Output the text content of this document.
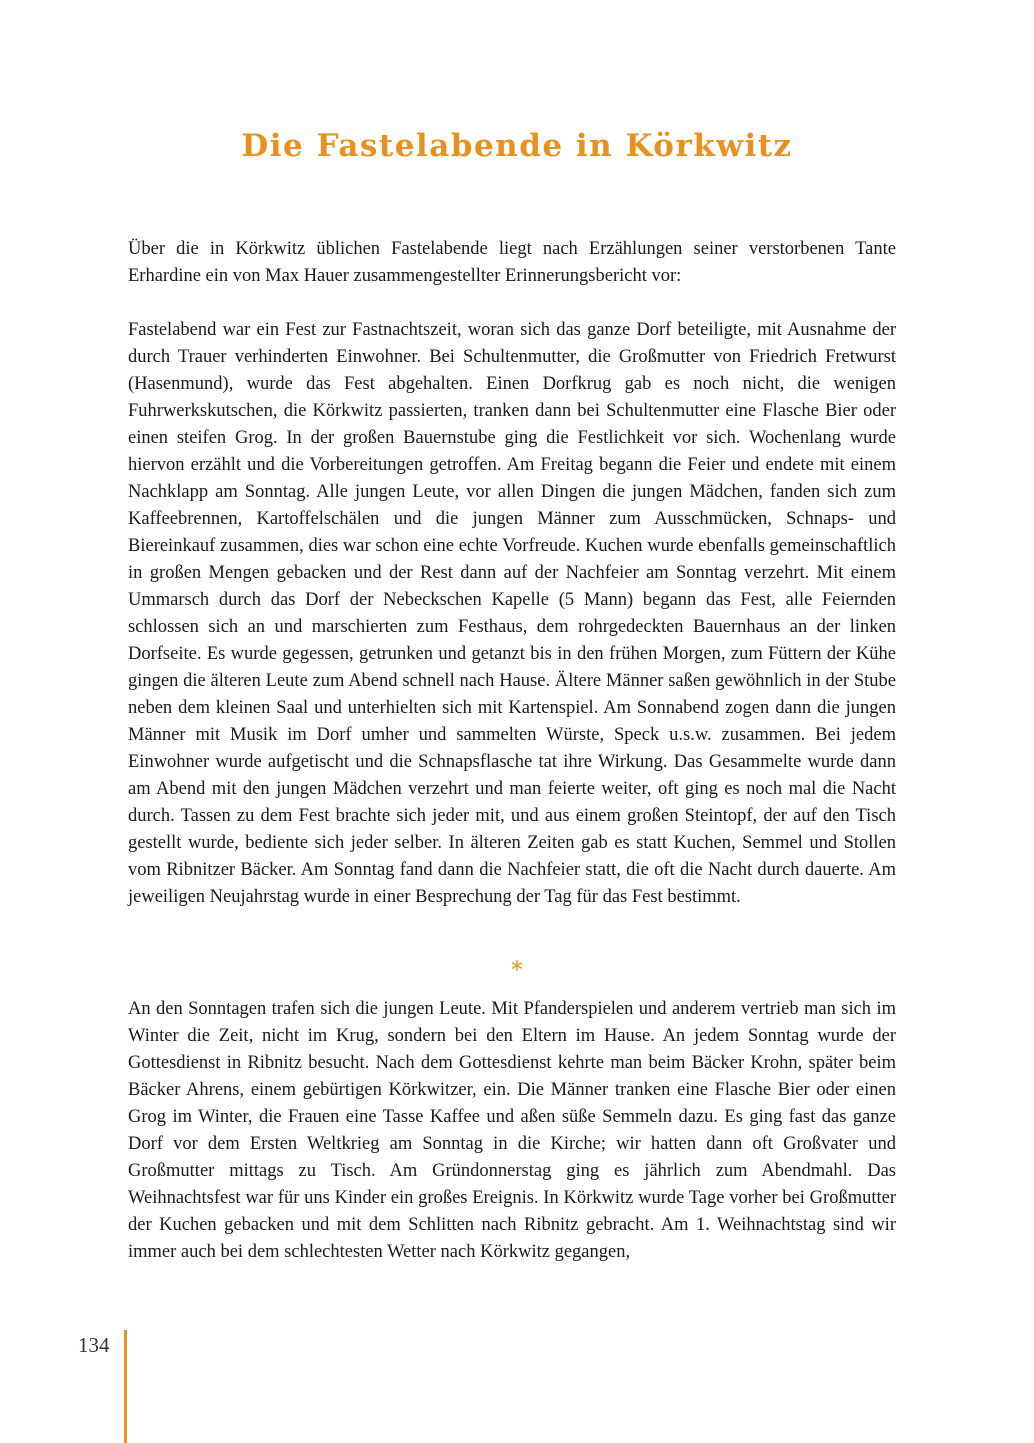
Die Fastelabende in Körkwitz

Über die in Körkwitz üblichen Fastelabende liegt nach Erzählungen seiner verstorbenen Tante Erhardine ein von Max Hauer zusammengestellter Erinnerungsbericht vor:

Fastelabend war ein Fest zur Fastnachtszeit, woran sich das ganze Dorf beteiligte, mit Ausnahme der durch Trauer verhinderten Einwohner. Bei Schultenmutter, die Großmutter von Friedrich Fretwurst (Hasenmund), wurde das Fest abgehalten. Einen Dorfkrug gab es noch nicht, die wenigen Fuhrwerkskutschen, die Körkwitz passierten, tranken dann bei Schultenmutter eine Flasche Bier oder einen steifen Grog. In der großen Bauernstube ging die Festlichkeit vor sich. Wochenlang wurde hiervon erzählt und die Vorbereitungen getroffen. Am Freitag begann die Feier und endete mit einem Nachklapp am Sonntag. Alle jungen Leute, vor allen Dingen die jungen Mädchen, fanden sich zum Kaffeebrennen, Kartoffelschälen und die jungen Männer zum Ausschmücken, Schnaps- und Biereinkauf zusammen, dies war schon eine echte Vorfreude. Kuchen wurde ebenfalls gemeinschaftlich in großen Mengen gebacken und der Rest dann auf der Nachfeier am Sonntag verzehrt. Mit einem Ummarsch durch das Dorf der Nebeckschen Kapelle (5 Mann) begann das Fest, alle Feiernden schlossen sich an und marschierten zum Festhaus, dem rohrgedeckten Bauernhaus an der linken Dorfseite. Es wurde gegessen, getrunken und getanzt bis in den frühen Morgen, zum Füttern der Kühe gingen die älteren Leute zum Abend schnell nach Hause. Ältere Männer saßen gewöhnlich in der Stube neben dem kleinen Saal und unterhielten sich mit Kartenspiel. Am Sonnabend zogen dann die jungen Männer mit Musik im Dorf umher und sammelten Würste, Speck u.s.w. zusammen. Bei jedem Einwohner wurde aufgetischt und die Schnapsflasche tat ihre Wirkung. Das Gesammelte wurde dann am Abend mit den jungen Mädchen verzehrt und man feierte weiter, oft ging es noch mal die Nacht durch. Tassen zu dem Fest brachte sich jeder mit, und aus einem großen Steintopf, der auf den Tisch gestellt wurde, bediente sich jeder selber. In älteren Zeiten gab es statt Kuchen, Semmel und Stollen vom Ribnitzer Bäcker. Am Sonntag fand dann die Nachfeier statt, die oft die Nacht durch dauerte. Am jeweiligen Neujahrstag wurde in einer Besprechung der Tag für das Fest bestimmt.

*

An den Sonntagen trafen sich die jungen Leute. Mit Pfanderspielen und anderem vertrieb man sich im Winter die Zeit, nicht im Krug, sondern bei den Eltern im Hause. An jedem Sonntag wurde der Gottesdienst in Ribnitz besucht. Nach dem Gottesdienst kehrte man beim Bäcker Krohn, später beim Bäcker Ahrens, einem gebürtigen Körkwitzer, ein. Die Männer tranken eine Flasche Bier oder einen Grog im Winter, die Frauen eine Tasse Kaffee und aßen süße Semmeln dazu. Es ging fast das ganze Dorf vor dem Ersten Weltkrieg am Sonntag in die Kirche; wir hatten dann oft Großvater und Großmutter mittags zu Tisch. Am Gründonnerstag ging es jährlich zum Abendmahl. Das Weihnachtsfest war für uns Kinder ein großes Ereignis. In Körkwitz wurde Tage vorher bei Großmutter der Kuchen gebacken und mit dem Schlitten nach Ribnitz gebracht. Am 1. Weihnachtstag sind wir immer auch bei dem schlechtesten Wetter nach Körkwitz gegangen,

134
